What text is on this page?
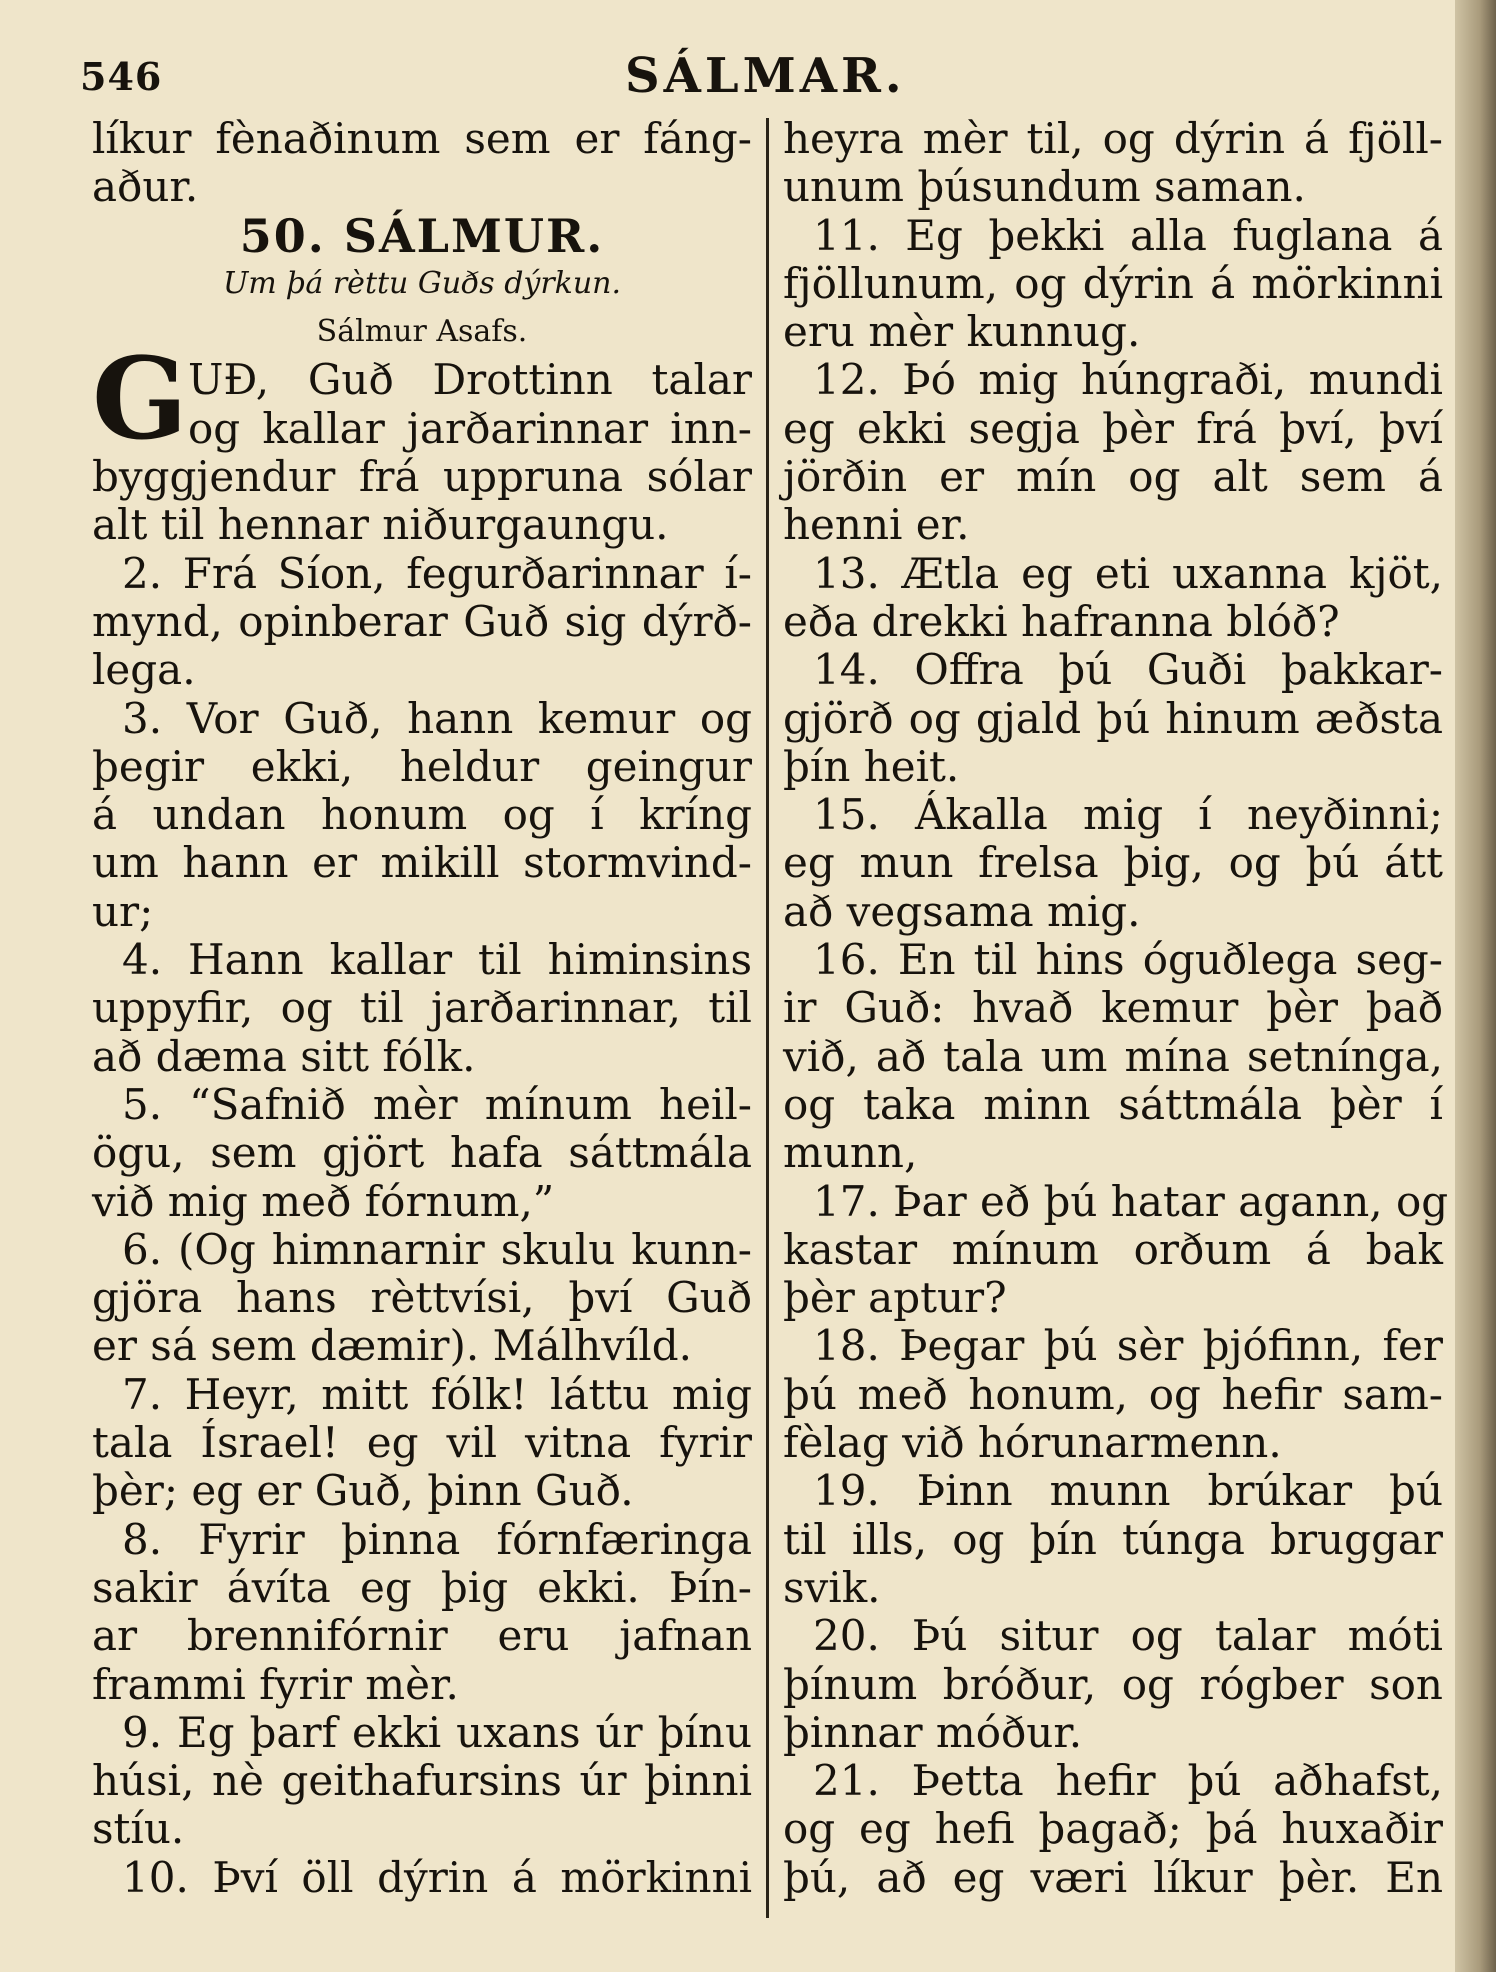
546	SÁLMAR.
líkur fènaðinum sem er fáng-
aður.
50. SÁLMUR.
Um þá rèttu Guðs dýrkun.
Sálmur Asafs.
G UÐ, Guð Drottinn talar
og kallar jarðarinnar inn-
byggjendur frá uppruna sólar
alt til hennar niðurgaungu.
2. Frá Síon, fegurðarinnar í-
mynd, opinberar Guð sig dýrð-
lega.
3. Vor Guð, hann kemur og
þegir ekki, heldur geingur
á undan honum og í kríng
um hann er mikill stormvind-
ur;
4. Hann kallar til himinsins
uppyfir, og til jarðarinnar, til
að dæma sitt fólk.
5. “Safnið mèr mínum heil-
ögu, sem gjört hafa sáttmála
við mig með fórnum,”
6. (Og himnarnir skulu kunn-
gjöra hans rèttvísi, því Guð
er sá sem dæmir). Málhvíld.
7. Heyr, mitt fólk! láttu mig
tala Ísrael! eg vil vitna fyrir
þèr; eg er Guð, þinn Guð.
8. Fyrir þinna fórnfæringa
sakir ávíta eg þig ekki. Þín-
ar brennifórnir eru jafnan
frammi fyrir mèr.
9. Eg þarf ekki uxans úr þínu
húsi, nè geithafursins úr þinni
stíu.
10. Því öll dýrin á mörkinni
heyra mèr til, og dýrin á fjöll-
unum þúsundum saman.
11. Eg þekki alla fuglana á
fjöllunum, og dýrin á mörkinni
eru mèr kunnug.
12. Þó mig húngraði, mundi
eg ekki segja þèr frá því, því
jörðin er mín og alt sem á
henni er.
13. Ætla eg eti uxanna kjöt,
eða drekki hafranna blóð?
14. Offra þú Guði þakkar-
gjörð og gjald þú hinum æðsta
þín heit.
15. Ákalla mig í neyðinni;
eg mun frelsa þig, og þú átt
að vegsama mig.
16. En til hins óguðlega seg-
ir Guð: hvað kemur þèr það
við, að tala um mína setnínga,
og taka minn sáttmála þèr í
munn,
17. Þar eð þú hatar agann, og
kastar mínum orðum á bak
þèr aptur?
18. Þegar þú sèr þjófinn, fer
þú með honum, og hefir sam-
fèlag við hórunarmenn.
19. Þinn munn brúkar þú
til ills, og þín túnga bruggar
svik.
20. Þú situr og talar móti
þínum bróður, og rógber son
þinnar móður.
21. Þetta hefir þú aðhafst,
og eg hefi þagað; þá huxaðir
þú, að eg væri líkur þèr. En
